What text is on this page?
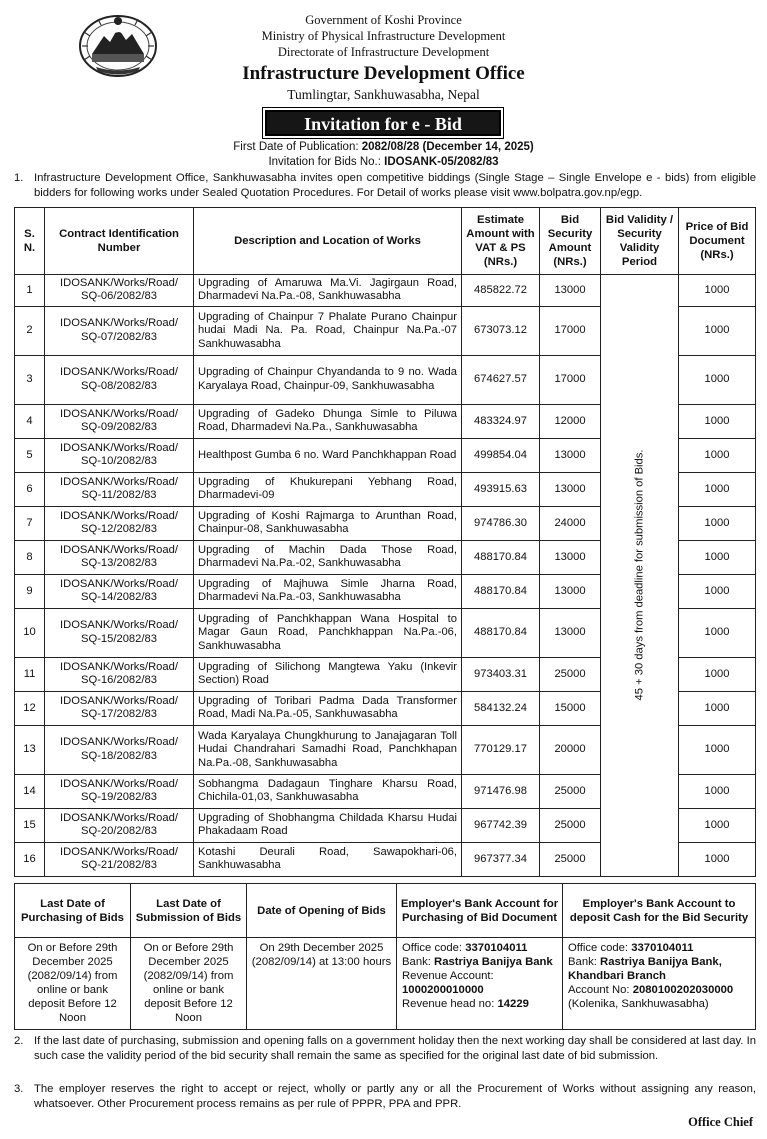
Government of Koshi Province
Ministry of Physical Infrastructure Development
Directorate of Infrastructure Development
Infrastructure Development Office
Tumlingtar, Sankhuwasabha, Nepal
Invitation for e - Bid
First Date of Publication: 2082/08/28 (December 14, 2025)
Invitation for Bids No.: IDOSANK-05/2082/83
1. Infrastructure Development Office, Sankhuwasabha invites open competitive biddings (Single Stage – Single Envelope e - bids) from eligible bidders for following works under Sealed Quotation Procedures. For Detail of works please visit www.bolpatra.gov.np/egp.
S. N.	Contract Identification Number	Description and Location of Works	Estimate Amount with VAT & PS (NRs.)	Bid Security Amount (NRs.)	Bid Validity / Security Validity Period	Price of Bid Document (NRs.)
1	IDOSANK/Works/Road/ SQ-06/2082/83	Upgrading of Amaruwa Ma.Vi. Jagirgaun Road, Dharmadevi Na.Pa.-08, Sankhuwasabha	485822.72	13000	45 + 30 days from deadline for submission of Bids.	1000
2	IDOSANK/Works/Road/ SQ-07/2082/83	Upgrading of Chainpur 7 Phalate Purano Chainpur hudai Madi Na. Pa. Road, Chainpur Na.Pa.-07 Sankhuwasabha	673073.12	17000		1000
3	IDOSANK/Works/Road/ SQ-08/2082/83	Upgrading of Chainpur Chyandanda to 9 no. Wada Karyalaya Road, Chainpur-09, Sankhuwasabha	674627.57	17000		1000
4	IDOSANK/Works/Road/ SQ-09/2082/83	Upgrading of Gadeko Dhunga Simle to Piluwa Road, Dharmadevi Na.Pa., Sankhuwasabha	483324.97	12000		1000
5	IDOSANK/Works/Road/ SQ-10/2082/83	Healthpost Gumba 6 no. Ward Panchkhappan Road	499854.04	13000		1000
6	IDOSANK/Works/Road/ SQ-11/2082/83	Upgrading of Khukurepani Yebhang Road, Dharmadevi-09	493915.63	13000		1000
7	IDOSANK/Works/Road/ SQ-12/2082/83	Upgrading of Koshi Rajmarga to Arunthan Road, Chainpur-08, Sankhuwasabha	974786.30	24000		1000
8	IDOSANK/Works/Road/ SQ-13/2082/83	Upgrading of Machin Dada Those Road, Dharmadevi Na.Pa.-02, Sankhuwasabha	488170.84	13000		1000
9	IDOSANK/Works/Road/ SQ-14/2082/83	Upgrading of Majhuwa Simle Jharna Road, Dharmadevi Na.Pa.-03, Sankhuwasabha	488170.84	13000		1000
10	IDOSANK/Works/Road/ SQ-15/2082/83	Upgrading of Panchkhappan Wana Hospital to Magar Gaun Road, Panchkhappan Na.Pa.-06, Sankhuwasabha	488170.84	13000		1000
11	IDOSANK/Works/Road/ SQ-16/2082/83	Upgrading of Silichong Mangtewa Yaku (Inkevir Section) Road	973403.31	25000		1000
12	IDOSANK/Works/Road/ SQ-17/2082/83	Upgrading of Toribari Padma Dada Transformer Road, Madi Na.Pa.-05, Sankhuwasabha	584132.24	15000		1000
13	IDOSANK/Works/Road/ SQ-18/2082/83	Wada Karyalaya Chungkhurung to Janajagaran Toll Hudai Chandrahari Samadhi Road, Panchkhapan Na.Pa.-08, Sankhuwasabha	770129.17	20000		1000
14	IDOSANK/Works/Road/ SQ-19/2082/83	Sobhangma Dadagaun Tinghare Kharsu Road, Chichila-01,03, Sankhuwasabha	971476.98	25000		1000
15	IDOSANK/Works/Road/ SQ-20/2082/83	Upgrading of Shobhangma Childada Kharsu Hudai Phakadaam Road	967742.39	25000		1000
16	IDOSANK/Works/Road/ SQ-21/2082/83	Kotashi Deurali Road, Sawapokhari-06, Sankhuwasabha	967377.34	25000		1000
Last Date of Purchasing of Bids	Last Date of Submission of Bids	Date of Opening of Bids	Employer's Bank Account for Purchasing of Bid Document	Employer's Bank Account to deposit Cash for the Bid Security
On or Before 29th December 2025 (2082/09/14) from online or bank deposit Before 12 Noon	On or Before 29th December 2025 (2082/09/14) from online or bank deposit Before 12 Noon	On 29th December 2025 (2082/09/14) at 13:00 hours	Office code: 3370104011
Bank: Rastriya Banijya Bank
Revenue Account:
1000200010000
Revenue head no: 14229	Office code: 3370104011
Bank: Rastriya Banijya Bank, Khandbari Branch
Account No: 2080100202030000
(Kolenika, Sankhuwasabha)
2. If the last date of purchasing, submission and opening falls on a government holiday then the next working day shall be considered at last day. In such case the validity period of the bid security shall remain the same as specified for the original last date of bid submission.
3. The employer reserves the right to accept or reject, wholly or partly any or all the Procurement of Works without assigning any reason, whatsoever. Other Procurement process remains as per rule of PPPR, PPA and PPR.
Office Chief
